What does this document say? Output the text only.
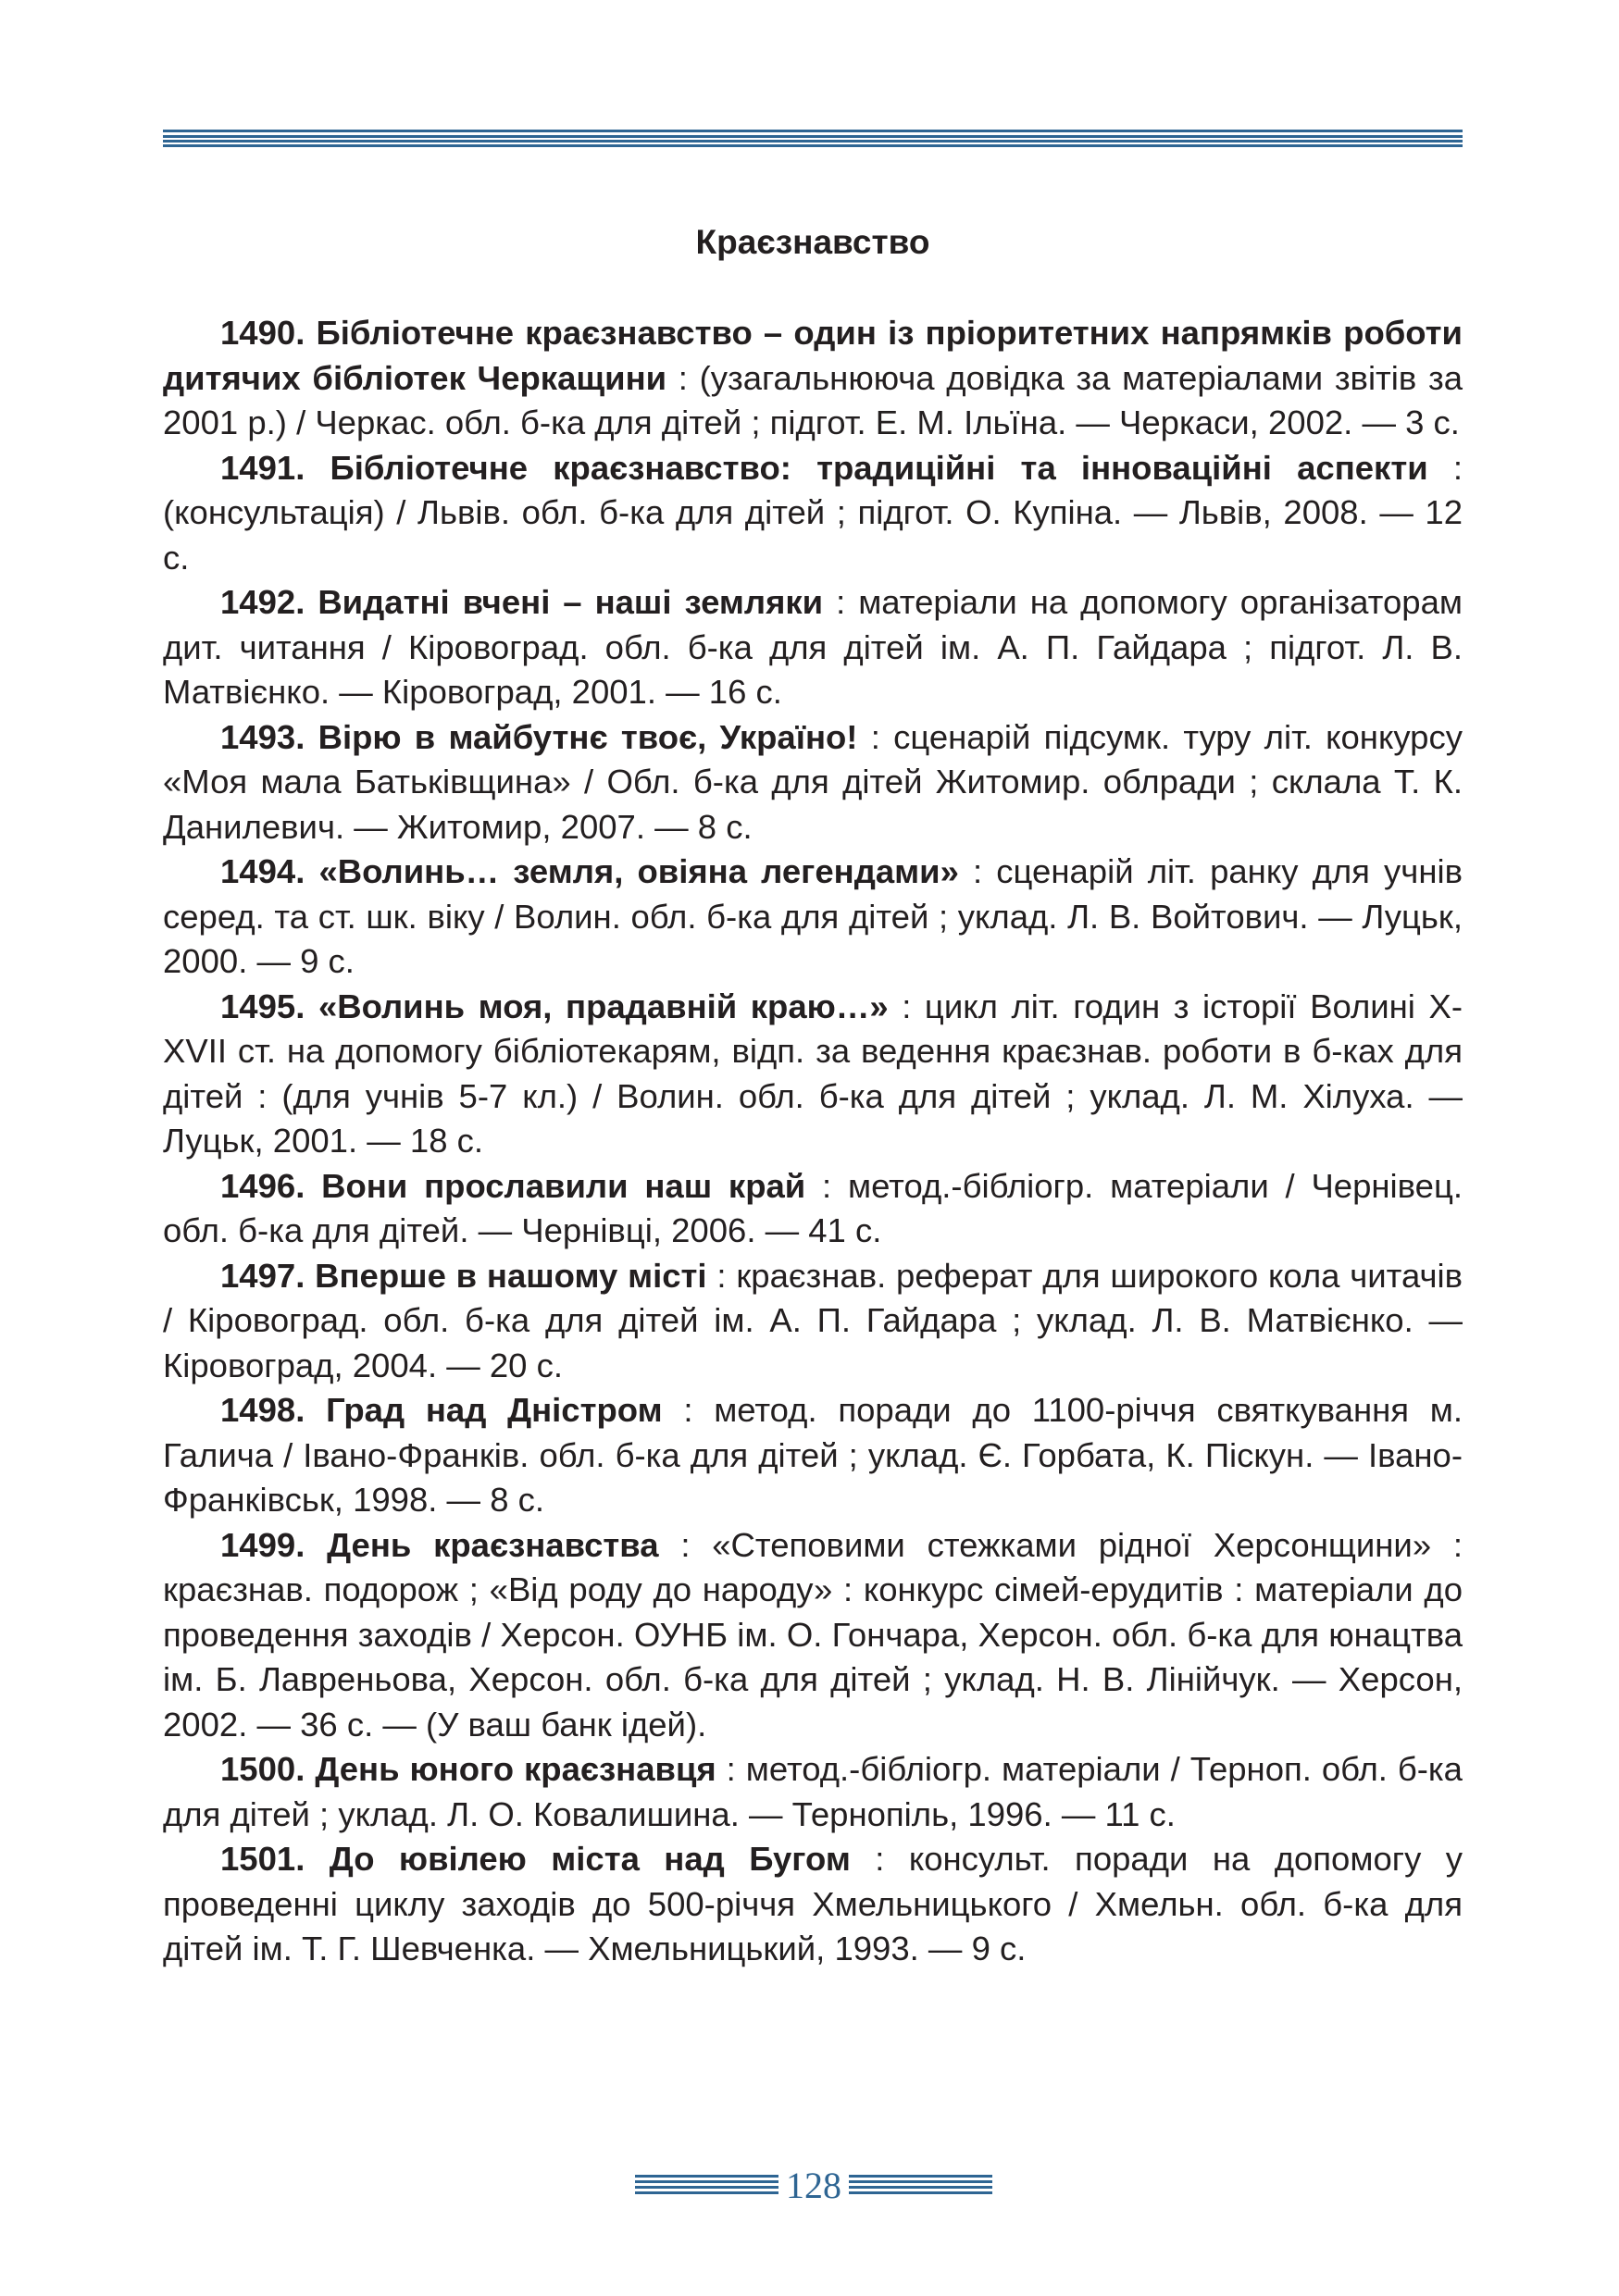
Краєзнавство

1490. Бібліотечне краєзнавство – один із пріоритетних напрямків роботи дитячих бібліотек Черкащини : (узагальнююча довідка за матеріалами звітів за 2001 р.) / Черкас. обл. б-ка для дітей ; підгот. Е. М. Ільїна. — Черкаси, 2002. — 3 с.

1491. Бібліотечне краєзнавство: традиційні та інноваційні аспекти : (консультація) / Львів. обл. б-ка для дітей ; підгот. О. Купіна. — Львів, 2008. — 12 с.

1492. Видатні вчені – наші земляки : матеріали на допомогу організаторам дит. читання / Кіровоград. обл. б-ка для дітей ім. А. П. Гайдара ; підгот. Л. В. Матвієнко. — Кіровоград, 2001. — 16 с.

1493. Вірю в майбутнє твоє, Україно! : сценарій підсумк. туру літ. конкурсу «Моя мала Батьківщина» / Обл. б-ка для дітей Житомир. облради ; склала Т. К. Данилевич. — Житомир, 2007. — 8 с.

1494. «Волинь… земля, овіяна легендами» : сценарій літ. ранку для учнів серед. та ст. шк. віку / Волин. обл. б-ка для дітей ; уклад. Л. В. Войтович. — Луцьк, 2000. — 9 с.

1495. «Волинь моя, прадавній краю…» : цикл літ. годин з історії Волині X-XVII ст. на допомогу бібліотекарям, відп. за ведення краєзнав. роботи в б-ках для дітей : (для учнів 5-7 кл.) / Волин. обл. б-ка для дітей ; уклад. Л. М. Хілуха. — Луцьк, 2001. — 18 с.

1496. Вони прославили наш край : метод.-бібліогр. матеріали / Чернівец. обл. б-ка для дітей. — Чернівці, 2006. — 41 с.

1497. Вперше в нашому місті : краєзнав. реферат для широкого кола читачів / Кіровоград. обл. б-ка для дітей ім. А. П. Гайдара ; уклад. Л. В. Матвієнко. — Кіровоград, 2004. — 20 с.

1498. Град над Дністром : метод. поради до 1100-річчя святкування м. Галича / Івано-Франків. обл. б-ка для дітей ; уклад. Є. Горбата, К. Піскун. — Івано-Франківськ, 1998. — 8 с.

1499. День краєзнавства : «Степовими стежками рідної Херсонщини» : краєзнав. подорож ; «Від роду до народу» : конкурс сімей-ерудитів : матеріали до проведення заходів / Херсон. ОУНБ ім. О. Гончара, Херсон. обл. б-ка для юнацтва ім. Б. Лавреньова, Херсон. обл. б-ка для дітей ; уклад. Н. В. Лінійчук. — Херсон, 2002. — 36 с. — (У ваш банк ідей).

1500. День юного краєзнавця : метод.-бібліогр. матеріали / Терноп. обл. б-ка для дітей ; уклад. Л. О. Ковалишина. — Тернопіль, 1996. — 11 с.

1501. До ювілею міста над Бугом : консульт. поради на допомогу у проведенні циклу заходів до 500-річчя Хмельницького / Хмельн. обл. б-ка для дітей ім. Т. Г. Шевченка. — Хмельницький, 1993. — 9 с.

128
